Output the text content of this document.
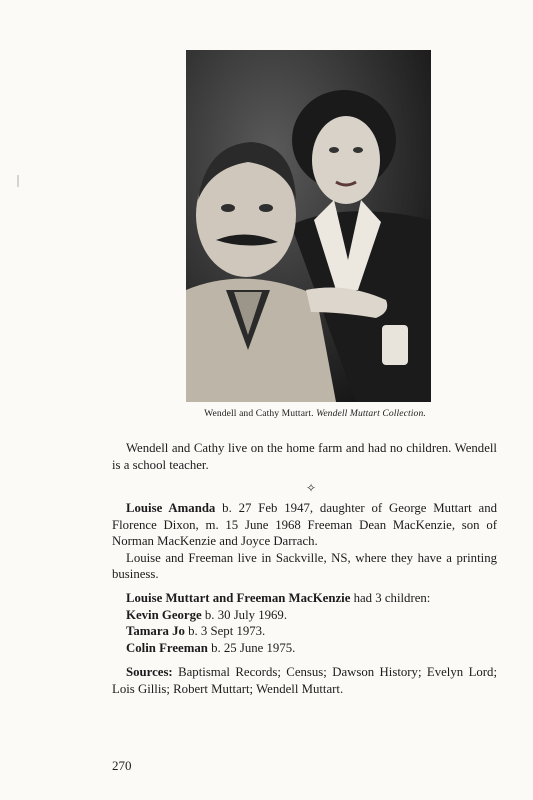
Wendell and Cathy Muttart. Wendell Muttart Collection.
Wendell and Cathy live on the home farm and had no children. Wendell is a school teacher.
✧
Louise Amanda b. 27 Feb 1947, daughter of George Muttart and Florence Dixon, m. 15 June 1968 Freeman Dean MacKenzie, son of Norman MacKenzie and Joyce Darrach.
Louise and Freeman live in Sackville, NS, where they have a printing business.
Louise Muttart and Freeman MacKenzie had 3 children:
Kevin George b. 30 July 1969.
Tamara Jo b. 3 Sept 1973.
Colin Freeman b. 25 June 1975.
Sources: Baptismal Records; Census; Dawson History; Evelyn Lord; Lois Gillis; Robert Muttart; Wendell Muttart.
270
